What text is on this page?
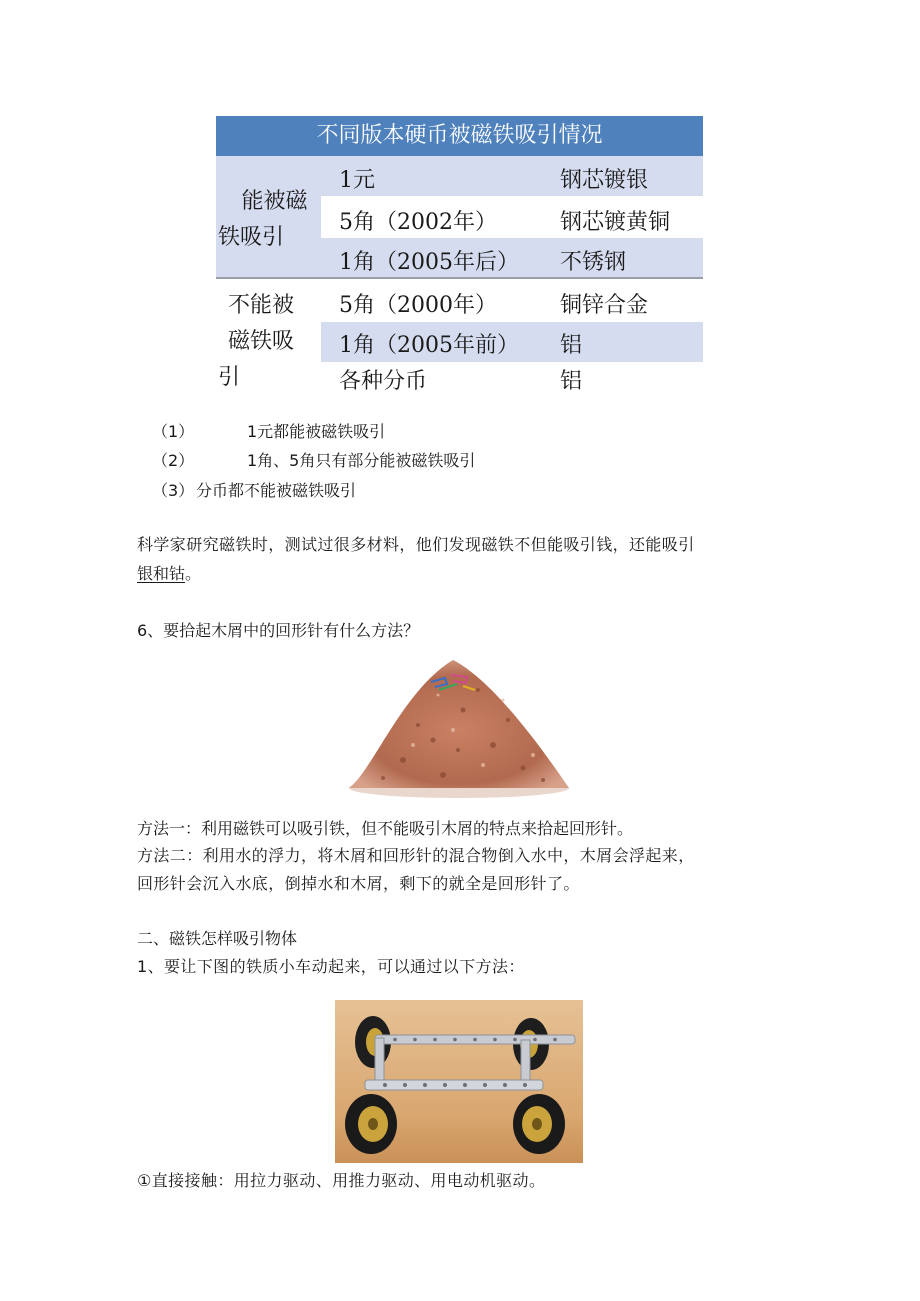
不同版本硬币被磁铁吸引情况
能被磁
铁吸引
1元	钢芯镀银
5角（2002年）	钢芯镀黄铜
1角（2005年后） 不锈钢
不能被
磁铁吸
引
5角（2000年）	铜锌合金
1角（2005年前） 铝
各种分币	铝
（1）	1元都能被磁铁吸引
（2）	1角、5角只有部分能被磁铁吸引
（3） 分币都不能被磁铁吸引
科学家研究磁铁时，测试过很多材料，他们发现磁铁不但能吸引钱，还能吸引
银和钴。
6、要拾起木屑中的回形针有什么方法？
方法一：利用磁铁可以吸引铁，但不能吸引木屑的特点来拾起回形针。
方法二：利用水的浮力，将木屑和回形针的混合物倒入水中，木屑会浮起来，
回形针会沉入水底，倒掉水和木屑，剩下的就全是回形针了。
二、磁铁怎样吸引物体
1、要让下图的铁质小车动起来，可以通过以下方法：
①直接接触：用拉力驱动、用推力驱动、用电动机驱动。
